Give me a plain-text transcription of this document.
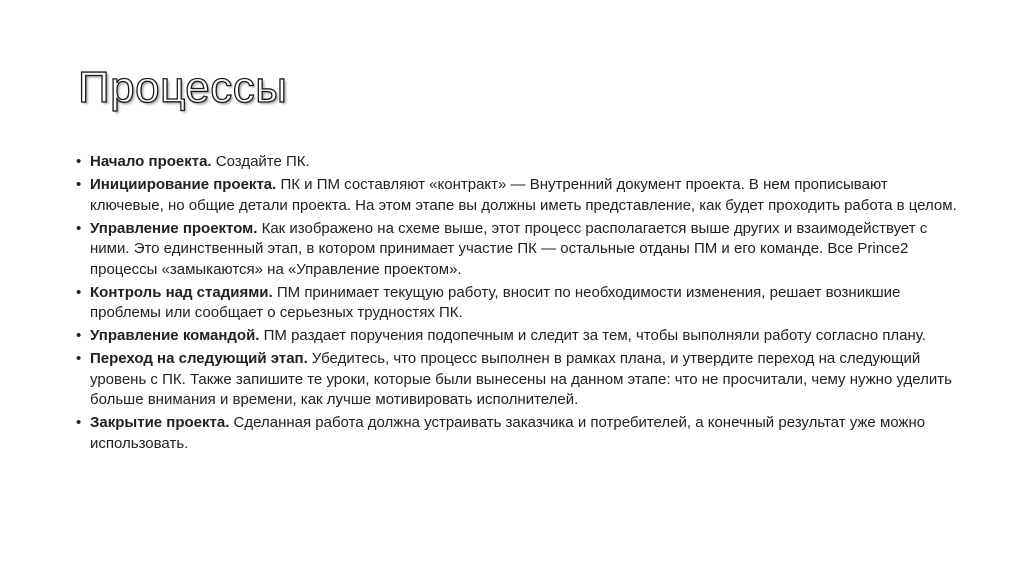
Процессы
• Начало проекта. Создайте ПК.
• Инициирование проекта. ПК и ПМ составляют «контракт» — Внутренний документ проекта. В нем прописывают ключевые, но общие детали проекта. На этом этапе вы должны иметь представление, как будет проходить работа в целом.
• Управление проектом. Как изображено на схеме выше, этот процесс располагается выше других и взаимодействует с ними. Это единственный этап, в котором принимает участие ПК — остальные отданы ПМ и его команде. Все Prince2 процессы «замыкаются» на «Управление проектом».
• Контроль над стадиями. ПМ принимает текущую работу, вносит по необходимости изменения, решает возникшие проблемы или сообщает о серьезных трудностях ПК.
• Управление командой. ПМ раздает поручения подопечным и следит за тем, чтобы выполняли работу согласно плану.
• Переход на следующий этап. Убедитесь, что процесс выполнен в рамках плана, и утвердите переход на следующий уровень с ПК. Также запишите те уроки, которые были вынесены на данном этапе: что не просчитали, чему нужно уделить больше внимания и времени, как лучше мотивировать исполнителей.
• Закрытие проекта. Сделанная работа должна устраивать заказчика и потребителей, а конечный результат уже можно использовать.
